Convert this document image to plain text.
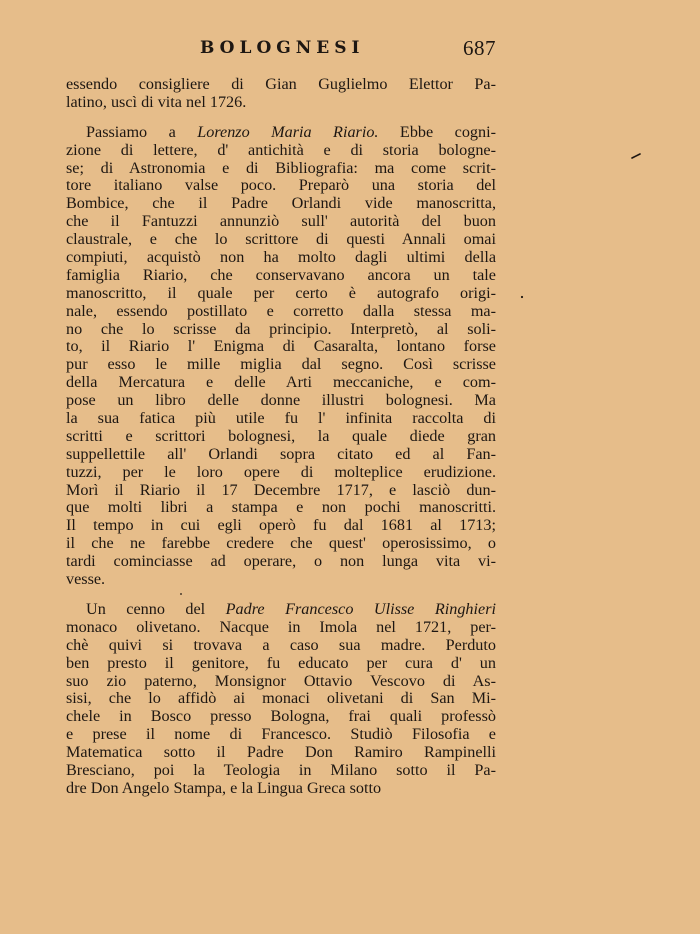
BOLOGNESI	687

essendo consigliere di Gian Guglielmo Elettor Pa-
latino, uscì di vita nel 1726.

Passiamo a Lorenzo Maria Riario. Ebbe cogni-
zione di lettere, d' antichità e di storia bologne-
se; di Astronomia e di Bibliografia: ma come scrit-
tore italiano valse poco. Preparò una storia del
Bombice, che il Padre Orlandi vide manoscritta,
che il Fantuzzi annunziò sull' autorità del buon
claustrale, e che lo scrittore di questi Annali omai
compiuti, acquistò non ha molto dagli ultimi della
famiglia Riario, che conservavano ancora un tale
manoscritto, il quale per certo è autografo origi-
nale, essendo postillato e corretto dalla stessa ma-
no che lo scrisse da principio. Interpretò, al soli-
to, il Riario l' Enigma di Casaralta, lontano forse
pur esso le mille miglia dal segno. Così scrisse
della Mercatura e delle Arti meccaniche, e com-
pose un libro delle donne illustri bolognesi. Ma
la sua fatica più utile fu l' infinita raccolta di
scritti e scrittori bolognesi, la quale diede gran
suppellettile all' Orlandi sopra citato ed al Fan-
tuzzi, per le loro opere di molteplice erudizione.
Morì il Riario il 17 Decembre 1717, e lasciò dun-
que molti libri a stampa e non pochi manoscritti.
Il tempo in cui egli operò fu dal 1681 al 1713;
il che ne farebbe credere che quest' operosissimo, o
tardi cominciasse ad operare, o non lunga vita vi-
vesse.

Un cenno del Padre Francesco Ulisse Ringhieri
monaco olivetano. Nacque in Imola nel 1721, per-
chè quivi si trovava a caso sua madre. Perduto
ben presto il genitore, fu educato per cura d' un
suo zio paterno, Monsignor Ottavio Vescovo di As-
sisi, che lo affidò ai monaci olivetani di San Mi-
chele in Bosco presso Bologna, frai quali professò
e prese il nome di Francesco. Studiò Filosofia e
Matematica sotto il Padre Don Ramiro Rampinelli
Bresciano, poi la Teologia in Milano sotto il Pa-
dre Don Angelo Stampa, e la Lingua Greca sotto
